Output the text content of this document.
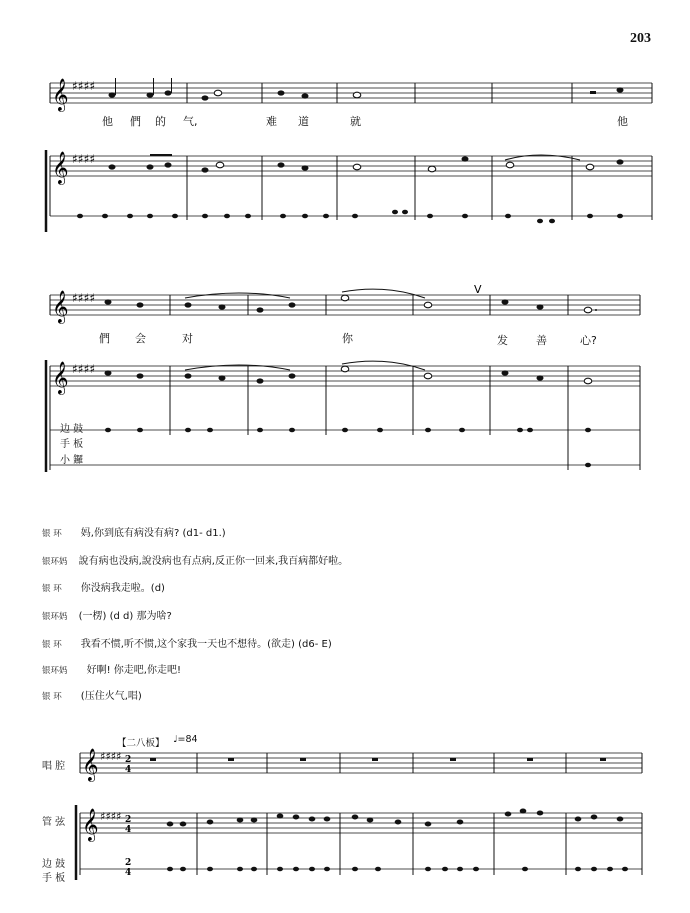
203
𝄞
𝄞
♯♯♯♯
♯♯♯♯
他 們 的 气,	难 道	就	他
𝄞
𝄞
♯♯♯♯
♯♯♯♯
V
們 会	对	你	发	善	心?
边 鼓
手 板
小 鑼
银 环 妈,你到底有病没有病? (d1- d1.)
银环妈 說有病也没病,說没病也有点病,反正你一回来,我百病都好啦。
银 环 你没病我走啦。(d)
银环妈 (一楞) (d d) 那为啥?
银 环 我看不惯,听不惯,这个家我一天也不想待。(欲走) (d6- E)
银环妈 好啊! 你走吧,你走吧!
银 环 (压住火气,唱)
【二八板】 ♩=84
唱 腔
管 弦
边 鼓
手 板
𝄞
𝄞
♯♯♯♯
♯♯♯♯
2
4
2
4
2
4
